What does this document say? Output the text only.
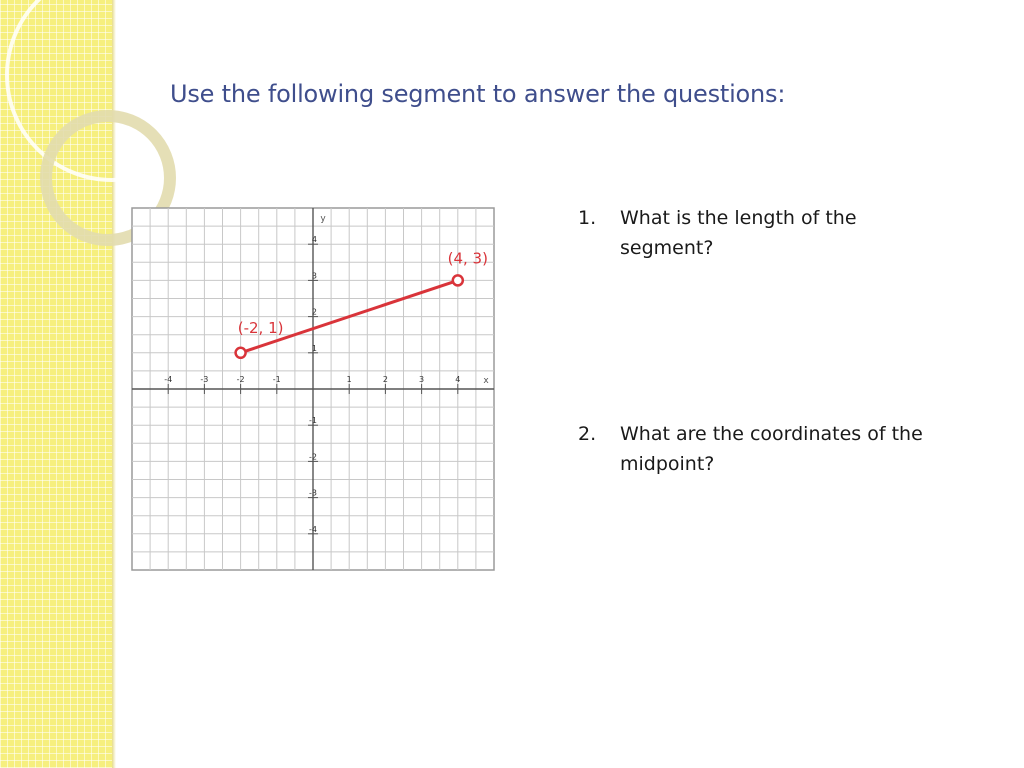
Use the following segment to answer the questions:
-4	-3	-2	-1	1	2	3	4
4
3
2
1
-1
-2
-3
-4
x
y
(-2, 1)
(4, 3)
1.	What is the length of the segment?
2.	What are the coordinates of the midpoint?
